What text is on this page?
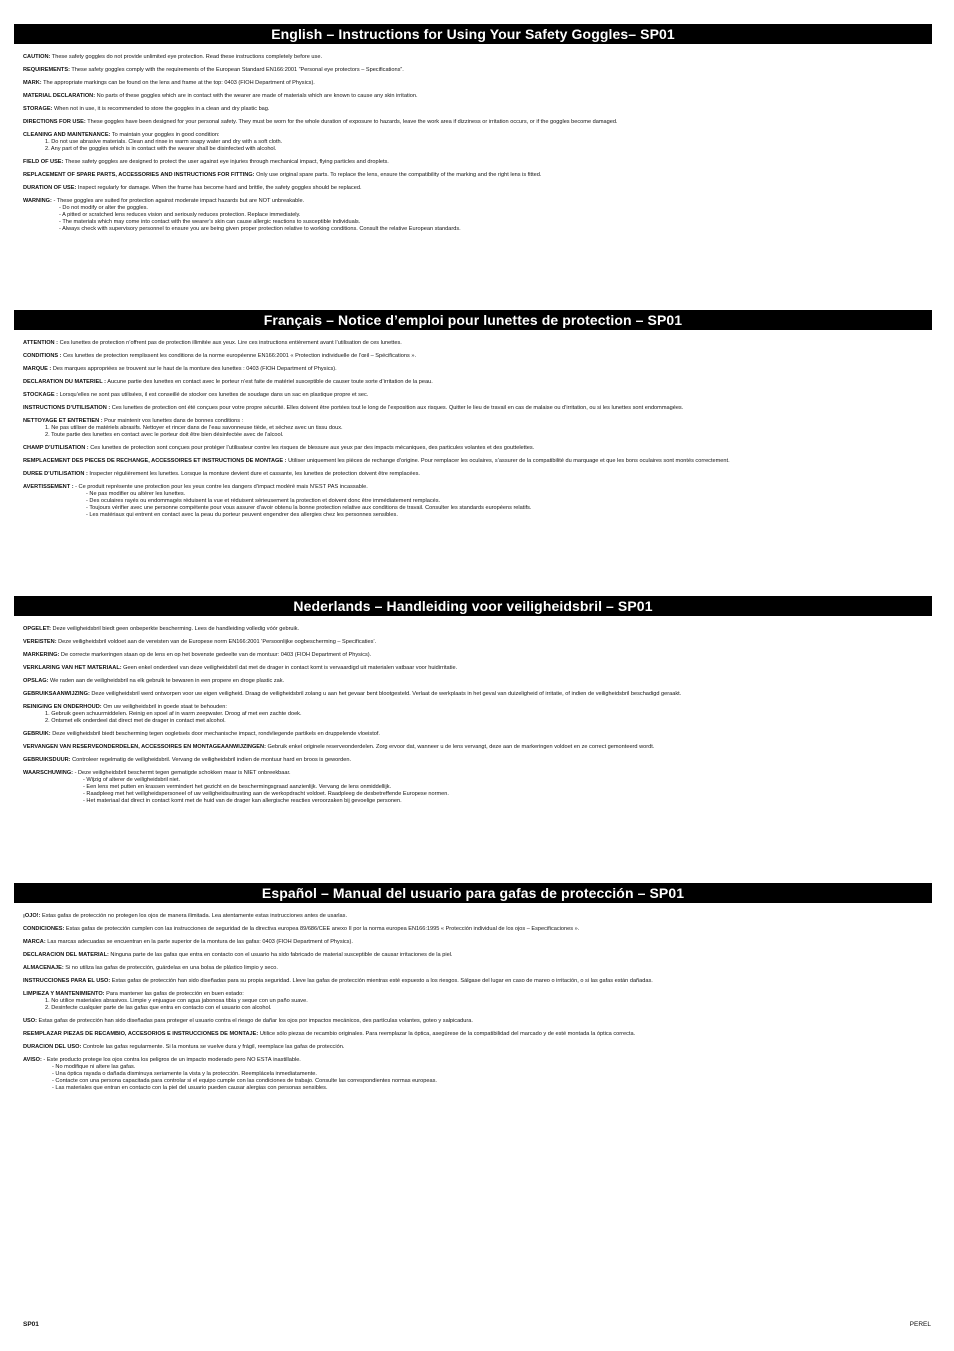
English – Instructions for Using Your Safety Goggles– SP01
CAUTION: These safety goggles do not provide unlimited eye protection. Read these instructions completely before use.
REQUIREMENTS: These safety goggles comply with the requirements of the European Standard EN166:2001 “Personal eye protectors – Specifications”.
MARK: The appropriate markings can be found on the lens and frame at the top: 0403 (FIOH Department of Physics).
MATERIAL DECLARATION: No parts of these goggles which are in contact with the wearer are made of materials which are known to cause any skin irritation.
STORAGE: When not in use, it is recommended to store the goggles in a clean and dry plastic bag.
DIRECTIONS FOR USE: These goggles have been designed for your personal safety. They must be worn for the whole duration of exposure to hazards, leave the work area if dizziness or irritation occurs, or if the goggles become damaged.
CLEANING AND MAINTENANCE: To maintain your goggles in good condition:
1. Do not use abrasive materials. Clean and rinse in warm soapy water and dry with a soft cloth.
2. Any part of the goggles which is in contact with the wearer shall be disinfected with alcohol.
FIELD OF USE: These safety goggles are designed to protect the user against eye injuries through mechanical impact, flying particles and droplets.
REPLACEMENT OF SPARE PARTS, ACCESSORIES AND INSTRUCTIONS FOR FITTING: Only use original spare parts. To replace the lens, ensure the compatibility of the marking and the right lens is fitted.
DURATION OF USE: Inspect regularly for damage. When the frame has become hard and brittle, the safety goggles should be replaced.
WARNING: - These goggles are suited for protection against moderate impact hazards but are NOT unbreakable.
- Do not modify or alter the goggles.
- A pitted or scratched lens reduces vision and seriously reduces protection. Replace immediately.
- The materials which may come into contact with the wearer’s skin can cause allergic reactions to susceptible individuals.
- Always check with supervisory personnel to ensure you are being given proper protection relative to working conditions. Consult the relative European standards.
Français – Notice d’emploi pour lunettes de protection – SP01
ATTENTION : Ces lunettes de protection n’offrent pas de protection illimitée aux yeux. Lire ces instructions entièrement avant l’utilisation de ces lunettes.
CONDITIONS : Ces lunettes de protection remplissent les conditions de la norme européenne EN166:2001 « Protection individuelle de l’œil – Spécifications ».
MARQUE : Des marques appropriées se trouvent sur le haut de la monture des lunettes : 0403 (FIOH Department of Physics).
DÉCLARATION DU MATÉRIEL : Aucune partie des lunettes en contact avec le porteur n’est faite de matériel susceptible de causer toute sorte d’irritation de la peau.
STOCKAGE : Lorsqu’elles ne sont pas utilisées, il est conseillé de stocker ces lunettes de soudage dans un sac en plastique propre et sec.
INSTRUCTIONS D’UTILISATION : Ces lunettes de protection ont été conçues pour votre propre sécurité. Elles doivent être portées tout le long de l’exposition aux risques. Quitter le lieu de travail en cas de malaise ou d’irritation, ou si les lunettes sont endommagées.
NETTOYAGE ET ENTRETIEN : Pour maintenir vos lunettes dans de bonnes conditions :
1. Ne pas utiliser de matériels abrasifs. Nettoyer et rincer dans de l’eau savonneuse tiède, et séchez avec un tissu doux.
2. Toute partie des lunettes en contact avec le porteur doit être bien désinfectée avec de l’alcool.
CHAMP D’UTILISATION : Ces lunettes de protection sont conçues pour protéger l’utilisateur contre les risques de blessure aux yeux par des impacts mécaniques, des particules volantes et des gouttelettes.
REMPLACEMENT DES PIÈCES DE RECHANGE, ACCESSOIRES ET INSTRUCTIONS DE MONTAGE : Utiliser uniquement les pièces de rechange d’origine. Pour remplacer les oculaires, s’assurer de la compatibilité du marquage et que les bons oculaires sont montés correctement.
DURÉE D’UTILISATION : Inspecter régulièrement les lunettes. Lorsque la monture devient dure et cassante, les lunettes de protection doivent être remplacées.
AVERTISSEMENT : - Ce produit représente une protection pour les yeux contre les dangers d’impact modéré mais N’EST PAS incassable.
- Ne pas modifier ou altérer les lunettes.
- Des oculaires rayés ou endommagés réduisent la vue et réduisent sérieusement la protection et doivent donc être immédiatement remplacés.
- Toujours vérifier avec une personne compétente pour vous assurer d’avoir obtenu la bonne protection relative aux conditions de travail. Consulter les standards européens relatifs.
- Les matériaux qui entrent en contact avec la peau du porteur peuvent engendrer des allergies chez les personnes sensibles.
Nederlands – Handleiding voor veiligheidsbril – SP01
OPGELET: Deze veiligheidsbril biedt geen onbeperkte bescherming. Lees de handleiding volledig vóór gebruik.
VEREISTEN: Deze veiligheidsbril voldoet aan de vereisten van de Europese norm EN166:2001 ‘Persoonlijke oogbescherming – Specificaties’.
MARKERING: De correcte markeringen staan op de lens en op het bovenste gedeelte van de montuur: 0403 (FIOH Department of Physics).
VERKLARING VAN HET MATERIAAL: Geen enkel onderdeel van deze veiligheidsbril dat met de drager in contact komt is vervaardigd uit materialen vatbaar voor huidirritatie.
OPSLAG: We raden aan de veiligheidsbril na elk gebruik te bewaren in een propere en droge plastic zak.
GEBRUIKSAANWIJZING: Deze veiligheidsbril werd ontworpen voor uw eigen veiligheid. Draag de veiligheidsbril zolang u aan het gevaar bent blootgesteld. Verlaat de werkplaats in het geval van duizeligheid of irritatie, of indien de veiligheidsbril beschadigd geraakt.
REINIGING EN ONDERHOUD: Om uw veiligheidsbril in goede staat te behouden:
1. Gebruik geen schuurmiddelen. Reinig en spoel af in warm zeepwater. Droog af met een zachte doek.
2. Ontsmet elk onderdeel dat direct met de drager in contact met alcohol.
GEBRUIK: Deze veiligheidsbril biedt bescherming tegen oogletsels door mechanische impact, rondvliegende partikels en druppelende vloeistof.
VERVANGEN VAN RESERVEONDERDELEN, ACCESSOIRES EN MONTAGEAANWIJZINGEN: Gebruik enkel originele reserveonderdelen. Zorg ervoor dat, wanneer u de lens vervangt, deze aan de markeringen voldoet en ze correct gemonteerd wordt.
GEBRUIKSDUUR: Controleer regelmatig de veiligheidsbril. Vervang de veiligheidsbril indien de montuur hard en broos is geworden.
WAARSCHUWING: - Deze veiligheidsbril beschermt tegen gematigde schokken maar is NIET onbreekbaar.
- Wijzig of alterer de veiligheidsbril niet.
- Een lens met putten en krassen vermindert het gezicht en de beschermingsgraad aanzienlijk. Vervang de lens onmiddellijk.
- Raadpleeg met het veiligheidspersoneel of uw veiligheidsuitrusting aan de werkopdracht voldoet. Raadpleeg de desbetreffende Europese normen.
- Het materiaal dat direct in contact komt met de huid van de drager kan allergische reacties veroorzaken bij gevoelige personen.
Español – Manual del usuario para gafas de protección – SP01
¡OJO!: Estas gafas de protección no protegen los ojos de manera ilimitada. Lea atentamente estas instrucciones antes de usarlas.
CONDICIONES: Estas gafas de protección cumplen con las instrucciones de seguridad de la directiva europea 89/686/CEE anexo II por la norma europea EN166:1995 « Protección individual de los ojos – Especificaciones ».
MARCA: Las marcas adecuadas se encuentran en la parte superior de la montura de las gafas: 0403 (FIOH Department of Physics).
DECLARACIÓN DEL MATERIAL: Ninguna parte de las gafas que entra en contacto con el usuario ha sido fabricado de material susceptible de causar irritaciones de la piel.
ALMACENAJE: Si no utiliza las gafas de protección, guárdelas en una bolsa de plástico limpio y seco.
INSTRUCCIONES PARA EL USO: Estas gafas de protección han sido diseñadas para su propia seguridad. Lleve las gafas de protección mientras esté expuesto a los riesgos. Sálgase del lugar en caso de mareo o irritación, o si las gafas están dañadas.
LIMPIEZA Y MANTENIMIENTO: Para mantener las gafas de protección en buen estado:
1. No utilice materiales abrasivos. Limpie y enjuague con agua jabonosa tibia y seque con un paño suave.
2. Desinfecte cualquier parte de las gafas que entra en contacto con el usuario con alcohol.
USO: Estas gafas de protección han sido diseñadas para proteger el usuario contra el riesgo de dañar los ojos por impactos mecánicos, des partículas volantes, goteo y salpicadura.
REEMPLAZAR PIEZAS DE RECAMBIO, ACCESORIOS E INSTRUCCIONES DE MONTAJE: Utilice sólo piezas de recambio originales. Para reemplazar la óptica, asegúrese de la compatibilidad del marcado y de esté montada la óptica correcta.
DURACIÓN DEL USO: Controle las gafas regularmente. Si la montura se vuelve dura y frágil, reemplace las gafas de protección.
AVISO: - Este producto protege los ojos contra los peligros de un impacto moderado pero NO ESTÁ inastillable.
- No modifique ni altere las gafas.
- Una óptica rayada o dañada disminuya seriamente la vista y la protección. Reemplácela inmediatamente.
- Contacte con una persona capacitada para controlar si el equipo cumple con las condiciones de trabajo. Consulte las correspondientes normas europeas.
- Las materiales que entran en contacto con la piel del usuario pueden causar alergias con personas sensibles.
SP01	PEREL
